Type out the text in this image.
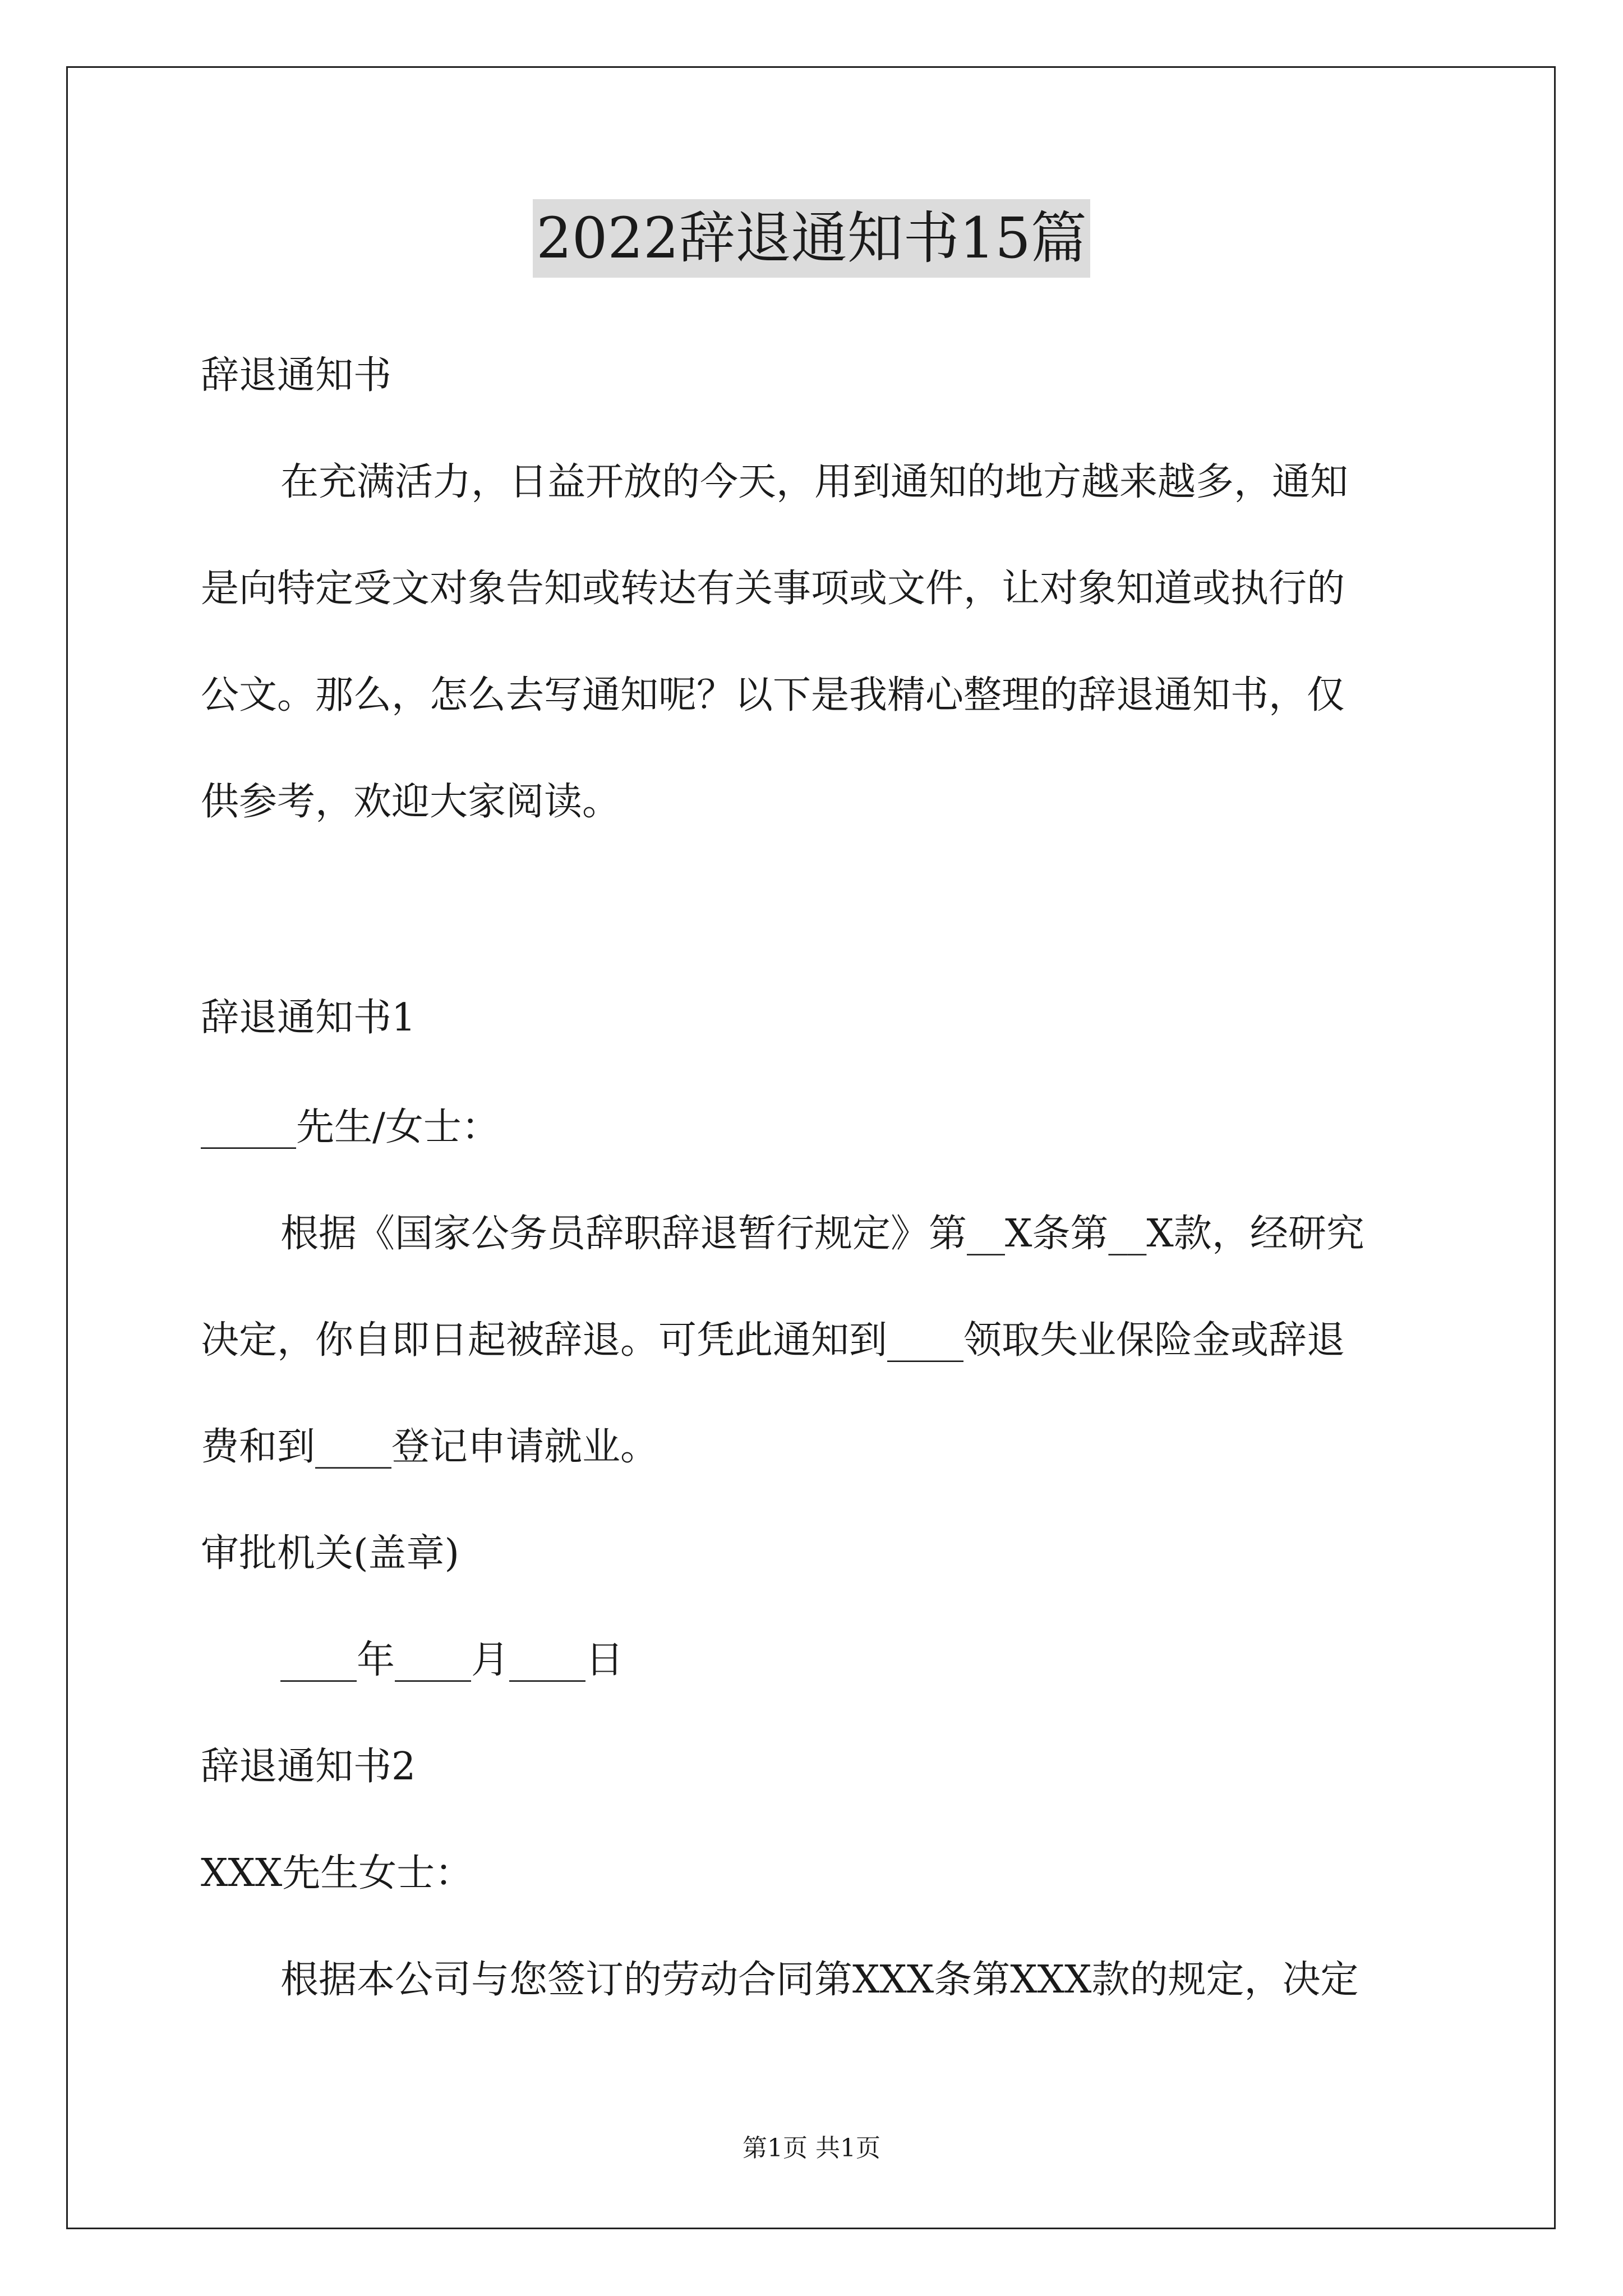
2022辞退通知书15篇
辞退通知书
在充满活力，日益开放的今天，用到通知的地方越来越多，通知
是向特定受文对象告知或转达有关事项或文件，让对象知道或执行的
公文。那么，怎么去写通知呢？以下是我精心整理的辞退通知书，仅
供参考，欢迎大家阅读。
辞退通知书1
_____先生/女士：
根据《国家公务员辞职辞退暂行规定》第__X条第__X款，经研究
决定，你自即日起被辞退。可凭此通知到____领取失业保险金或辞退
费和到____登记申请就业。
审批机关(盖章)
____年____月____日
辞退通知书2
XXX先生女士：
根据本公司与您签订的劳动合同第XXX条第XXX款的规定，决定
第1页 共1页
